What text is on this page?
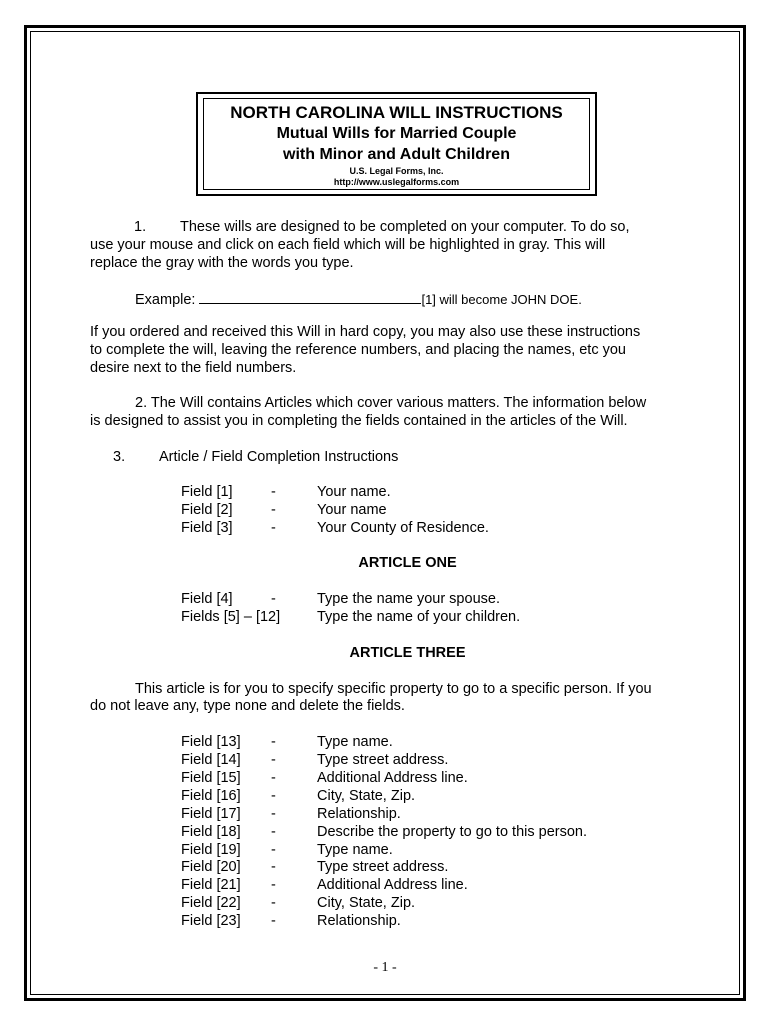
NORTH CAROLINA WILL INSTRUCTIONS
Mutual Wills for Married Couple
with Minor and Adult Children
U.S. Legal Forms, Inc.
http://www.uslegalforms.com
1. These wills are designed to be completed on your computer. To do so,
use your mouse and click on each field which will be highlighted in gray. This will
replace the gray with the words you type.
Example:	[1] will become JOHN DOE.
If you ordered and received this Will in hard copy, you may also use these instructions
to complete the will, leaving the reference numbers, and placing the names, etc you
desire next to the field numbers.
2. The Will contains Articles which cover various matters. The information below
is designed to assist you in completing the fields contained in the articles of the Will.
3. Article / Field Completion Instructions
Field [1]	-	Your name.
Field [2]	-	Your name
Field [3]	-	Your County of Residence.
ARTICLE ONE
Field [4]	-	Type the name your spouse.
Fields [5] – [12]	Type the name of your children.
ARTICLE THREE
This article is for you to specify specific property to go to a specific person. If you
do not leave any, type none and delete the fields.
Field [13] -	Type name.
Field [14] -	Type street address.
Field [15] -	Additional Address line.
Field [16] -	City, State, Zip.
Field [17] -	Relationship.
Field [18] -	Describe the property to go to this person.
Field [19] -	Type name.
Field [20] -	Type street address.
Field [21] -	Additional Address line.
Field [22] -	City, State, Zip.
Field [23] -	Relationship.
- 1 -
